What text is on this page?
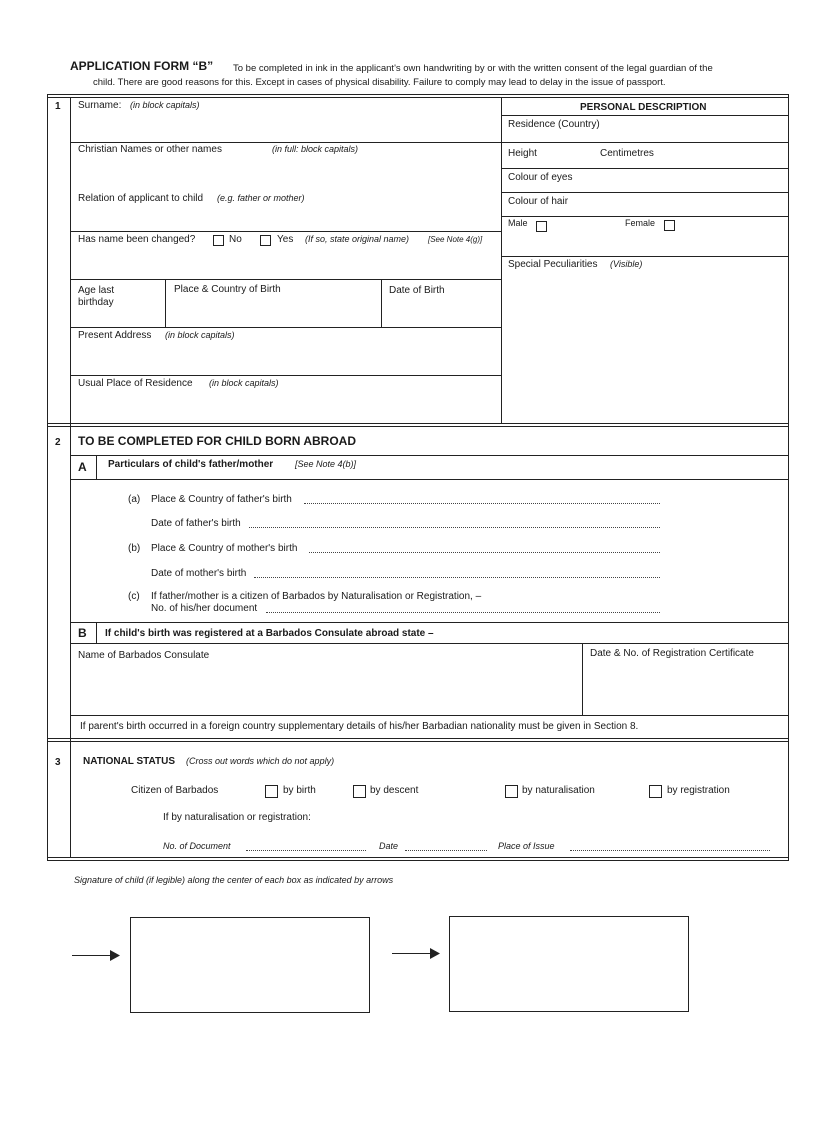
APPLICATION FORM “B” To be completed in ink in the applicant's own handwriting by or with the written consent of the legal guardian of the
child. There are good reasons for this. Except in cases of physical disability. Failure to comply may lead to delay in the issue of passport.
1 Surname: (in block capitals)
Christian Names or other names	(in full: block capitals)
Relation of applicant to child (e.g. father or mother)
Has name been changed?	No	Yes (If so, state original name) [See Note 4(g)]
Age last
birthday
Place & Country of Birth	Date of Birth
Present Address (in block capitals)
Usual Place of Residence (in block capitals)
PERSONAL DESCRIPTION
Residence (Country)
Height	Centimetres
Colour of eyes
Colour of hair
Male	Female
Special Peculiarities (Visible)
2 TO BE COMPLETED FOR CHILD BORN ABROAD
A Particulars of child's father/mother [See Note 4(b)]
(a) Place & Country of father's birth
Date of father's birth
(b) Place & Country of mother's birth
Date of mother's birth
(c) If father/mother is a citizen of Barbados by Naturalisation or Registration, –
No. of his/her document
B If child's birth was registered at a Barbados Consulate abroad state –
Name of Barbados Consulate	Date & No. of Registration Certificate
If parent's birth occurred in a foreign country supplementary details of his/her Barbadian nationality must be given in Section 8.
3 NATIONAL STATUS (Cross out words which do not apply)
Citizen of Barbados	by birth	by descent	by naturalisation	by registration
If by naturalisation or registration:
No. of Document	Date	Place of Issue
Signature of child (if legible) along the center of each box as indicated by arrows
